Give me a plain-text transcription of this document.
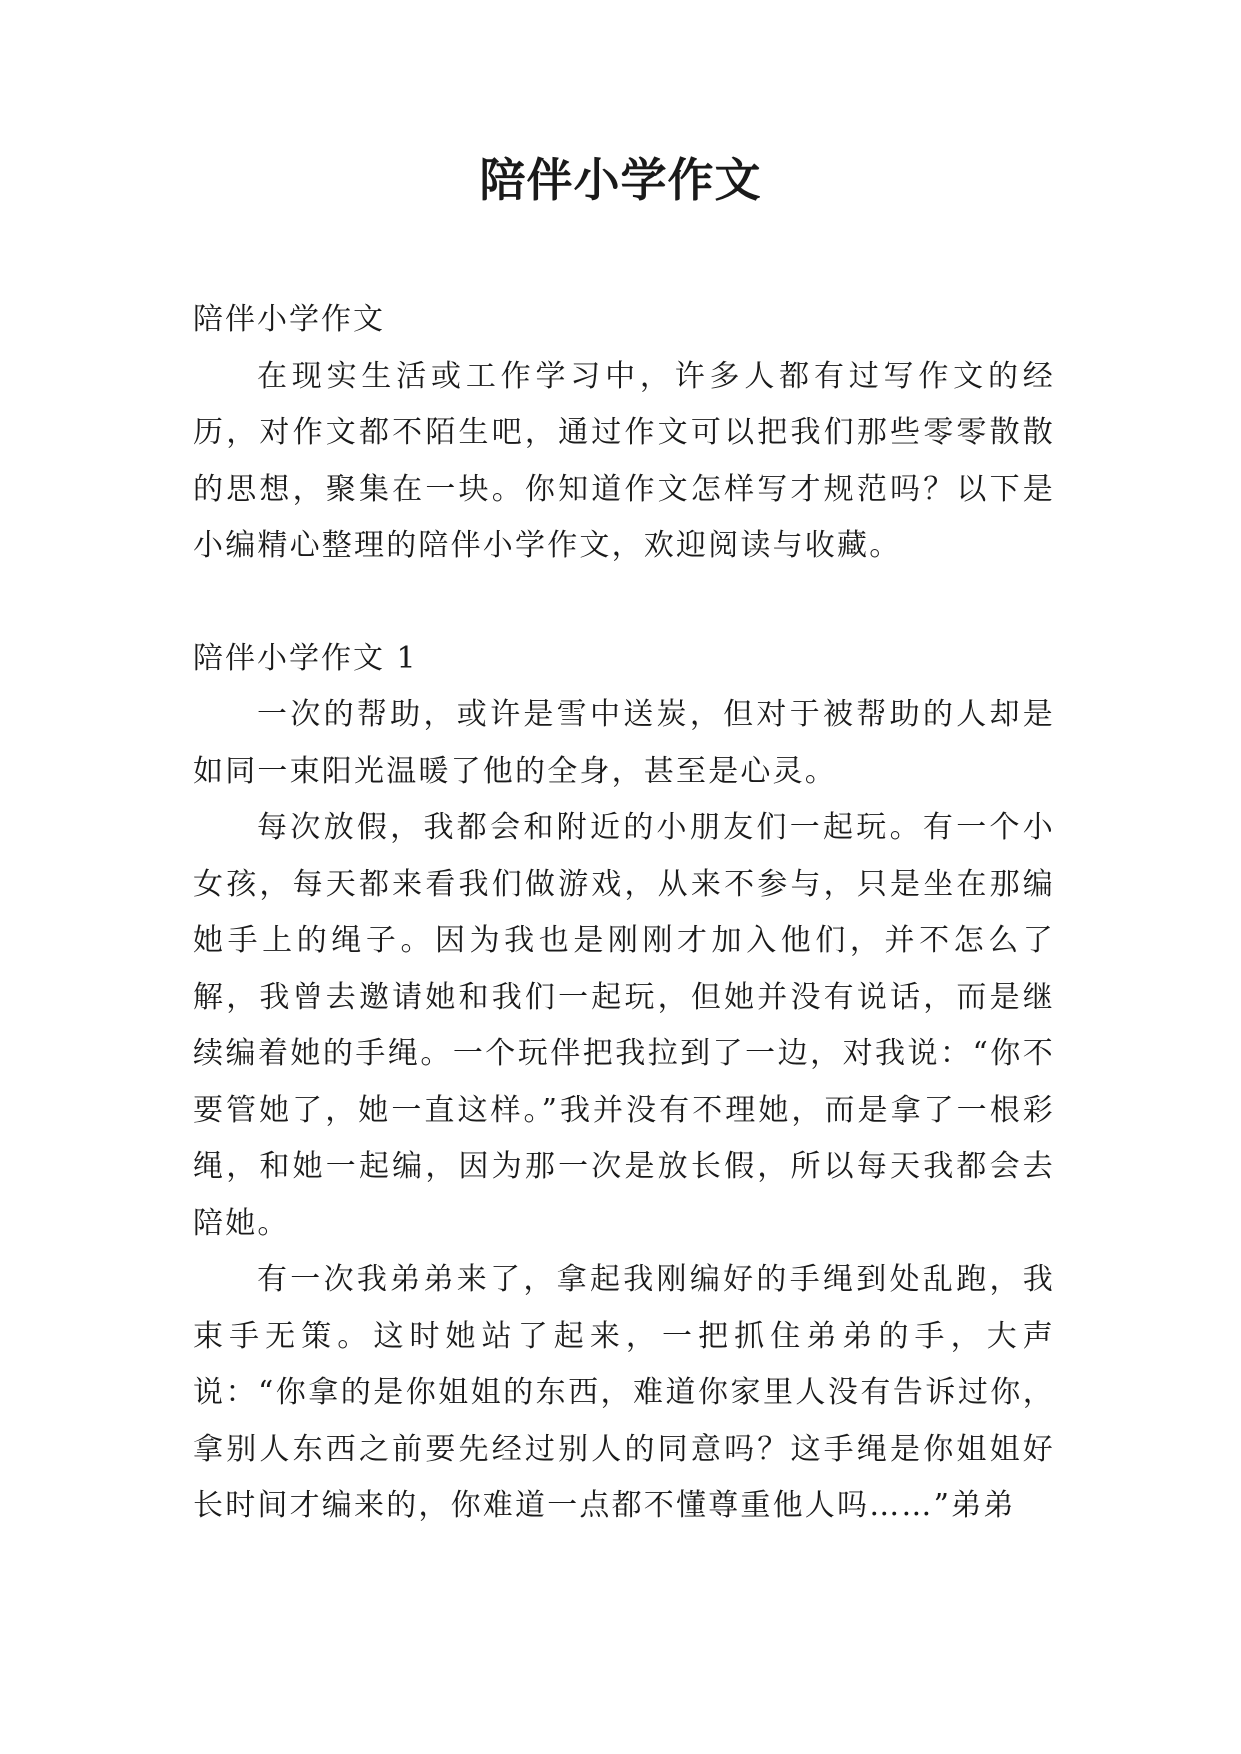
陪伴小学作文

陪伴小学作文

在现实生活或工作学习中，许多人都有过写作文的经历，对作文都不陌生吧，通过作文可以把我们那些零零散散的思想，聚集在一块。你知道作文怎样写才规范吗？以下是小编精心整理的陪伴小学作文，欢迎阅读与收藏。

陪伴小学作文 1

一次的帮助，或许是雪中送炭，但对于被帮助的人却是如同一束阳光温暖了他的全身，甚至是心灵。

每次放假，我都会和附近的小朋友们一起玩。有一个小女孩，每天都来看我们做游戏，从来不参与，只是坐在那编她手上的绳子。因为我也是刚刚才加入他们，并不怎么了解，我曾去邀请她和我们一起玩，但她并没有说话，而是继续编着她的手绳。一个玩伴把我拉到了一边，对我说：“你不要管她了，她一直这样。”我并没有不理她，而是拿了一根彩绳，和她一起编，因为那一次是放长假，所以每天我都会去陪她。

有一次我弟弟来了，拿起我刚编好的手绳到处乱跑，我束手无策。这时她站了起来，一把抓住弟弟的手，大声说：“你拿的是你姐姐的东西，难道你家里人没有告诉过你，拿别人东西之前要先经过别人的同意吗？这手绳是你姐姐好长时间才编来的，你难道一点都不懂尊重他人吗……”弟弟
